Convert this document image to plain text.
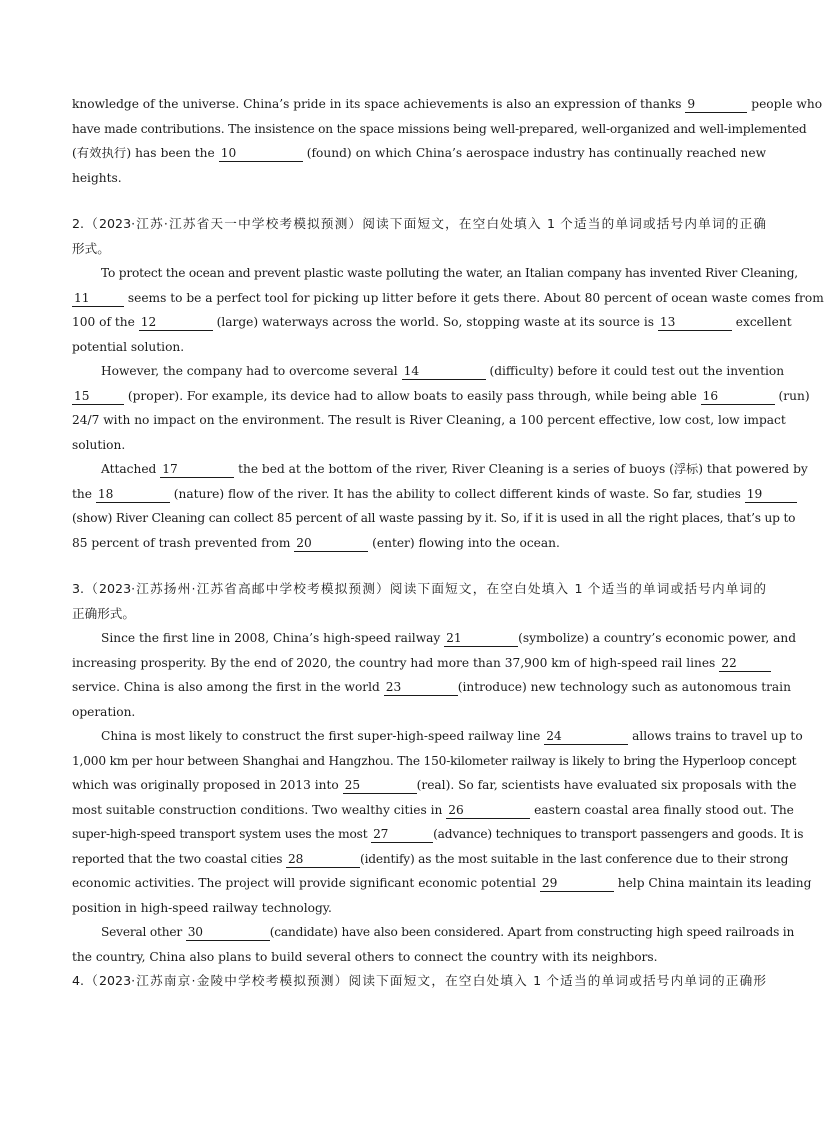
knowledge of the universe. China’s pride in its space achievements is also an expression of thanks 9	people who
have made contributions. The insistence on the space missions being well-prepared, well-organized and well-implemented
(有效执行) has been the 10	(found) on which China’s aerospace industry has continually reached new
heights.
2.（2023·江苏·江苏省天一中学校考模拟预测）阅读下面短文，在空白处填入 1 个适当的单词或括号内单词的正确
形式。
To protect the ocean and prevent plastic waste polluting the water, an Italian company has invented River Cleaning,
11	seems to be a perfect tool for picking up litter before it gets there. About 80 percent of ocean waste comes from
100 of the 12	(large) waterways across the world. So, stopping waste at its source is 13	excellent
potential solution.
However, the company had to overcome several 14	(difficulty) before it could test out the invention
15	(proper). For example, its device had to allow boats to easily pass through, while being able 16	(run)
24/7 with no impact on the environment. The result is River Cleaning, a 100 percent effective, low cost, low impact
solution.
Attached 17	the bed at the bottom of the river, River Cleaning is a series of buoys (浮标) that powered by
the 18	(nature) flow of the river. It has the ability to collect different kinds of waste. So far, studies 19
(show) River Cleaning can collect 85 percent of all waste passing by it. So, if it is used in all the right places, that’s up to
85 percent of trash prevented from 20	(enter) flowing into the ocean.
3.（2023·江苏扬州·江苏省高邮中学校考模拟预测）阅读下面短文，在空白处填入 1 个适当的单词或括号内单词的
正确形式。
Since the first line in 2008, China’s high-speed railway 21	(symbolize) a country’s economic power, and
increasing prosperity. By the end of 2020, the country had more than 37,900 km of high-speed rail lines 22
service. China is also among the first in the world 23	(introduce) new technology such as autonomous train
operation.
China is most likely to construct the first super-high-speed railway line 24	allows trains to travel up to
1,000 km per hour between Shanghai and Hangzhou. The 150-kilometer railway is likely to bring the Hyperloop concept
which was originally proposed in 2013 into 25	(real). So far, scientists have evaluated six proposals with the
most suitable construction conditions. Two wealthy cities in 26	eastern coastal area finally stood out. The
super-high-speed transport system uses the most 27	(advance) techniques to transport passengers and goods. It is
reported that the two coastal cities 28	(identify) as the most suitable in the last conference due to their strong
economic activities. The project will provide significant economic potential 29	help China maintain its leading
position in high-speed railway technology.
Several other 30	(candidate) have also been considered. Apart from constructing high speed railroads in
the country, China also plans to build several others to connect the country with its neighbors.
4.（2023·江苏南京·金陵中学校考模拟预测）阅读下面短文，在空白处填入 1 个适当的单词或括号内单词的正确形
